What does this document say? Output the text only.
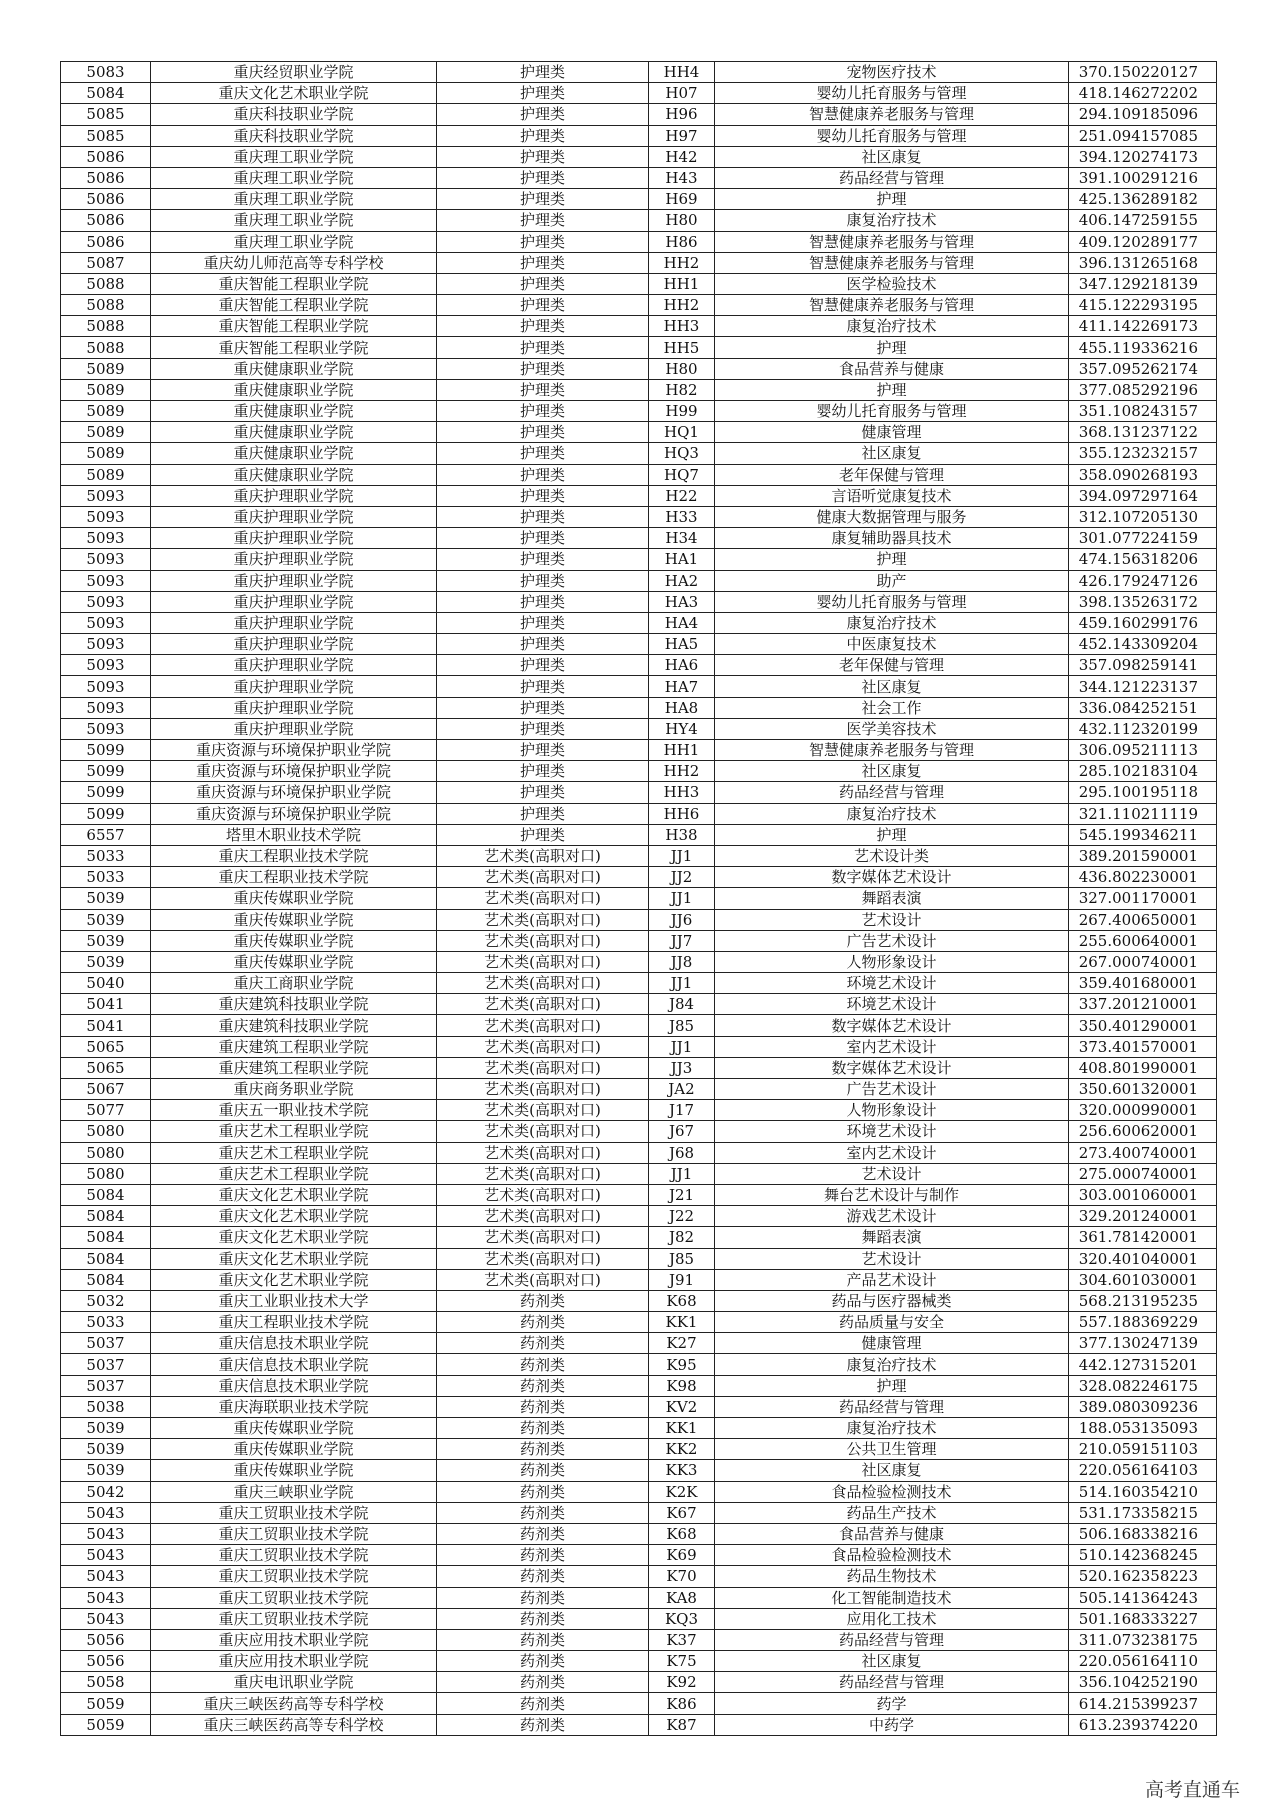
5083	重庆经贸职业学院	护理类	HH4	宠物医疗技术	370.150220127
5084	重庆文化艺术职业学院	护理类	H07	婴幼儿托育服务与管理	418.146272202
5085	重庆科技职业学院	护理类	H96	智慧健康养老服务与管理	294.109185096
5085	重庆科技职业学院	护理类	H97	婴幼儿托育服务与管理	251.094157085
5086	重庆理工职业学院	护理类	H42	社区康复	394.120274173
5086	重庆理工职业学院	护理类	H43	药品经营与管理	391.100291216
5086	重庆理工职业学院	护理类	H69	护理	425.136289182
5086	重庆理工职业学院	护理类	H80	康复治疗技术	406.147259155
5086	重庆理工职业学院	护理类	H86	智慧健康养老服务与管理	409.120289177
5087	重庆幼儿师范高等专科学校	护理类	HH2	智慧健康养老服务与管理	396.131265168
5088	重庆智能工程职业学院	护理类	HH1	医学检验技术	347.129218139
5088	重庆智能工程职业学院	护理类	HH2	智慧健康养老服务与管理	415.122293195
5088	重庆智能工程职业学院	护理类	HH3	康复治疗技术	411.142269173
5088	重庆智能工程职业学院	护理类	HH5	护理	455.119336216
5089	重庆健康职业学院	护理类	H80	食品营养与健康	357.095262174
5089	重庆健康职业学院	护理类	H82	护理	377.085292196
5089	重庆健康职业学院	护理类	H99	婴幼儿托育服务与管理	351.108243157
5089	重庆健康职业学院	护理类	HQ1	健康管理	368.131237122
5089	重庆健康职业学院	护理类	HQ3	社区康复	355.123232157
5089	重庆健康职业学院	护理类	HQ7	老年保健与管理	358.090268193
5093	重庆护理职业学院	护理类	H22	言语听觉康复技术	394.097297164
5093	重庆护理职业学院	护理类	H33	健康大数据管理与服务	312.107205130
5093	重庆护理职业学院	护理类	H34	康复辅助器具技术	301.077224159
5093	重庆护理职业学院	护理类	HA1	护理	474.156318206
5093	重庆护理职业学院	护理类	HA2	助产	426.179247126
5093	重庆护理职业学院	护理类	HA3	婴幼儿托育服务与管理	398.135263172
5093	重庆护理职业学院	护理类	HA4	康复治疗技术	459.160299176
5093	重庆护理职业学院	护理类	HA5	中医康复技术	452.143309204
5093	重庆护理职业学院	护理类	HA6	老年保健与管理	357.098259141
5093	重庆护理职业学院	护理类	HA7	社区康复	344.121223137
5093	重庆护理职业学院	护理类	HA8	社会工作	336.084252151
5093	重庆护理职业学院	护理类	HY4	医学美容技术	432.112320199
5099	重庆资源与环境保护职业学院	护理类	HH1	智慧健康养老服务与管理	306.095211113
5099	重庆资源与环境保护职业学院	护理类	HH2	社区康复	285.102183104
5099	重庆资源与环境保护职业学院	护理类	HH3	药品经营与管理	295.100195118
5099	重庆资源与环境保护职业学院	护理类	HH6	康复治疗技术	321.110211119
6557	塔里木职业技术学院	护理类	H38	护理	545.199346211
5033	重庆工程职业技术学院	艺术类(高职对口)	JJ1	艺术设计类	389.201590001
5033	重庆工程职业技术学院	艺术类(高职对口)	JJ2	数字媒体艺术设计	436.802230001
5039	重庆传媒职业学院	艺术类(高职对口)	JJ1	舞蹈表演	327.001170001
5039	重庆传媒职业学院	艺术类(高职对口)	JJ6	艺术设计	267.400650001
5039	重庆传媒职业学院	艺术类(高职对口)	JJ7	广告艺术设计	255.600640001
5039	重庆传媒职业学院	艺术类(高职对口)	JJ8	人物形象设计	267.000740001
5040	重庆工商职业学院	艺术类(高职对口)	JJ1	环境艺术设计	359.401680001
5041	重庆建筑科技职业学院	艺术类(高职对口)	J84	环境艺术设计	337.201210001
5041	重庆建筑科技职业学院	艺术类(高职对口)	J85	数字媒体艺术设计	350.401290001
5065	重庆建筑工程职业学院	艺术类(高职对口)	JJ1	室内艺术设计	373.401570001
5065	重庆建筑工程职业学院	艺术类(高职对口)	JJ3	数字媒体艺术设计	408.801990001
5067	重庆商务职业学院	艺术类(高职对口)	JA2	广告艺术设计	350.601320001
5077	重庆五一职业技术学院	艺术类(高职对口)	J17	人物形象设计	320.000990001
5080	重庆艺术工程职业学院	艺术类(高职对口)	J67	环境艺术设计	256.600620001
5080	重庆艺术工程职业学院	艺术类(高职对口)	J68	室内艺术设计	273.400740001
5080	重庆艺术工程职业学院	艺术类(高职对口)	JJ1	艺术设计	275.000740001
5084	重庆文化艺术职业学院	艺术类(高职对口)	J21	舞台艺术设计与制作	303.001060001
5084	重庆文化艺术职业学院	艺术类(高职对口)	J22	游戏艺术设计	329.201240001
5084	重庆文化艺术职业学院	艺术类(高职对口)	J82	舞蹈表演	361.781420001
5084	重庆文化艺术职业学院	艺术类(高职对口)	J85	艺术设计	320.401040001
5084	重庆文化艺术职业学院	艺术类(高职对口)	J91	产品艺术设计	304.601030001
5032	重庆工业职业技术大学	药剂类	K68	药品与医疗器械类	568.213195235
5033	重庆工程职业技术学院	药剂类	KK1	药品质量与安全	557.188369229
5037	重庆信息技术职业学院	药剂类	K27	健康管理	377.130247139
5037	重庆信息技术职业学院	药剂类	K95	康复治疗技术	442.127315201
5037	重庆信息技术职业学院	药剂类	K98	护理	328.082246175
5038	重庆海联职业技术学院	药剂类	KV2	药品经营与管理	389.080309236
5039	重庆传媒职业学院	药剂类	KK1	康复治疗技术	188.053135093
5039	重庆传媒职业学院	药剂类	KK2	公共卫生管理	210.059151103
5039	重庆传媒职业学院	药剂类	KK3	社区康复	220.056164103
5042	重庆三峡职业学院	药剂类	K2K	食品检验检测技术	514.160354210
5043	重庆工贸职业技术学院	药剂类	K67	药品生产技术	531.173358215
5043	重庆工贸职业技术学院	药剂类	K68	食品营养与健康	506.168338216
5043	重庆工贸职业技术学院	药剂类	K69	食品检验检测技术	510.142368245
5043	重庆工贸职业技术学院	药剂类	K70	药品生物技术	520.162358223
5043	重庆工贸职业技术学院	药剂类	KA8	化工智能制造技术	505.141364243
5043	重庆工贸职业技术学院	药剂类	KQ3	应用化工技术	501.168333227
5056	重庆应用技术职业学院	药剂类	K37	药品经营与管理	311.073238175
5056	重庆应用技术职业学院	药剂类	K75	社区康复	220.056164110
5058	重庆电讯职业学院	药剂类	K92	药品经营与管理	356.104252190
5059	重庆三峡医药高等专科学校	药剂类	K86	药学	614.215399237
5059	重庆三峡医药高等专科学校	药剂类	K87	中药学	613.239374220
高考直通车
